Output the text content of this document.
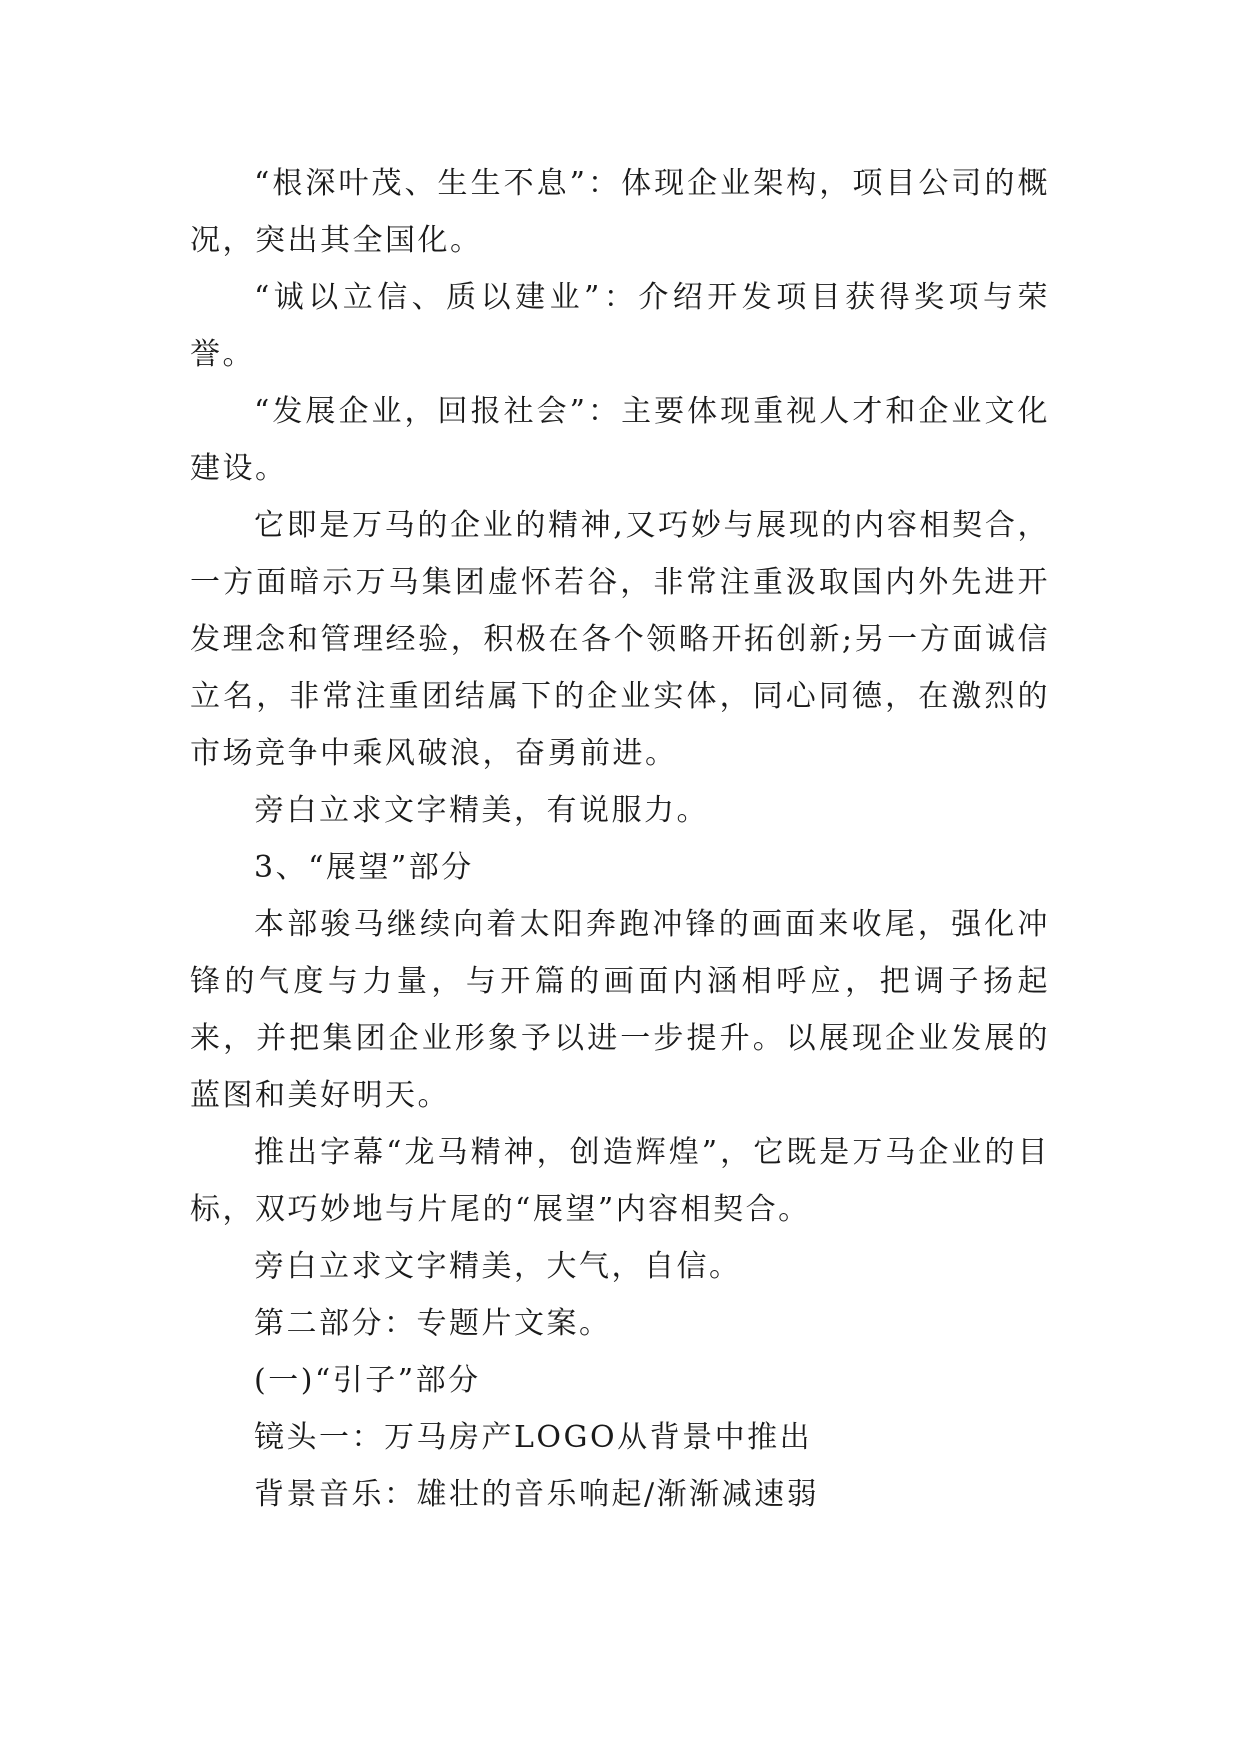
“根深叶茂、生生不息”：体现企业架构，项目公司的概况，突出其全国化。

“诚以立信、质以建业”：介绍开发项目获得奖项与荣誉。

“发展企业，回报社会”：主要体现重视人才和企业文化建设。

它即是万马的企业的精神,又巧妙与展现的内容相契合，一方面暗示万马集团虚怀若谷，非常注重汲取国内外先进开发理念和管理经验，积极在各个领略开拓创新;另一方面诚信立名，非常注重团结属下的企业实体，同心同德，在激烈的市场竞争中乘风破浪，奋勇前进。

旁白立求文字精美，有说服力。

3、“展望”部分

本部骏马继续向着太阳奔跑冲锋的画面来收尾，强化冲锋的气度与力量，与开篇的画面内涵相呼应，把调子扬起来，并把集团企业形象予以进一步提升。以展现企业发展的蓝图和美好明天。

推出字幕“龙马精神，创造辉煌”，它既是万马企业的目标，双巧妙地与片尾的“展望”内容相契合。

旁白立求文字精美，大气，自信。

第二部分：专题片文案。

(一)“引子”部分

镜头一：万马房产LOGO从背景中推出

背景音乐：雄壮的音乐响起/渐渐减速弱
